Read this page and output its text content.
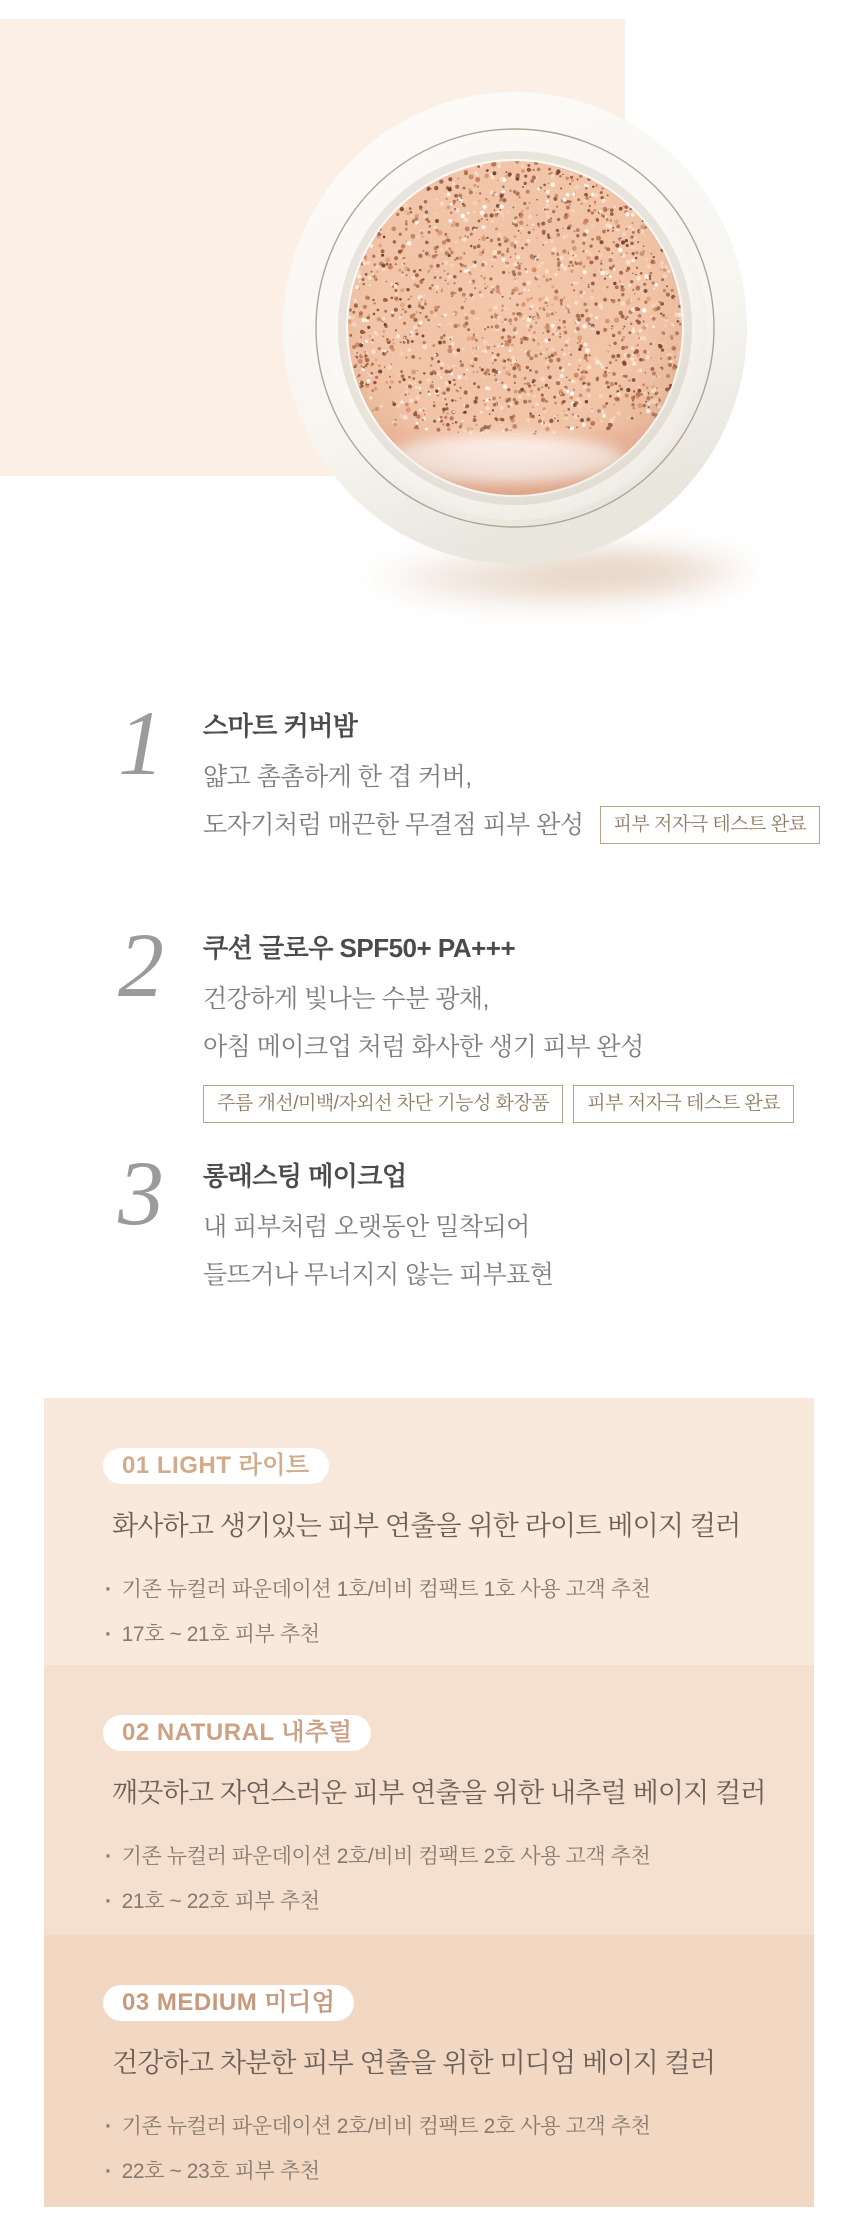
1	스마트 커버밤
얇고 촘촘하게 한 겹 커버,
도자기처럼 매끈한 무결점 피부 완성	피부 저자극 테스트 완료
2	쿠션 글로우 SPF50+ PA+++
건강하게 빛나는 수분 광채,
아침 메이크업 처럼 화사한 생기 피부 완성
주름 개선/미백/자외선 차단 기능성 화장품	피부 저자극 테스트 완료
3	롱래스팅 메이크업
내 피부처럼 오랫동안 밀착되어
들뜨거나 무너지지 않는 피부표현
01 LIGHT 라이트
화사하고 생기있는 피부 연출을 위한 라이트 베이지 컬러
· 기존 뉴컬러 파운데이션 1호/비비 컴팩트 1호 사용 고객 추천
· 17호 ~ 21호 피부 추천
02 NATURAL 내추럴
깨끗하고 자연스러운 피부 연출을 위한 내추럴 베이지 컬러
· 기존 뉴컬러 파운데이션 2호/비비 컴팩트 2호 사용 고객 추천
· 21호 ~ 22호 피부 추천
03 MEDIUM 미디엄
건강하고 차분한 피부 연출을 위한 미디엄 베이지 컬러
· 기존 뉴컬러 파운데이션 2호/비비 컴팩트 2호 사용 고객 추천
· 22호 ~ 23호 피부 추천
